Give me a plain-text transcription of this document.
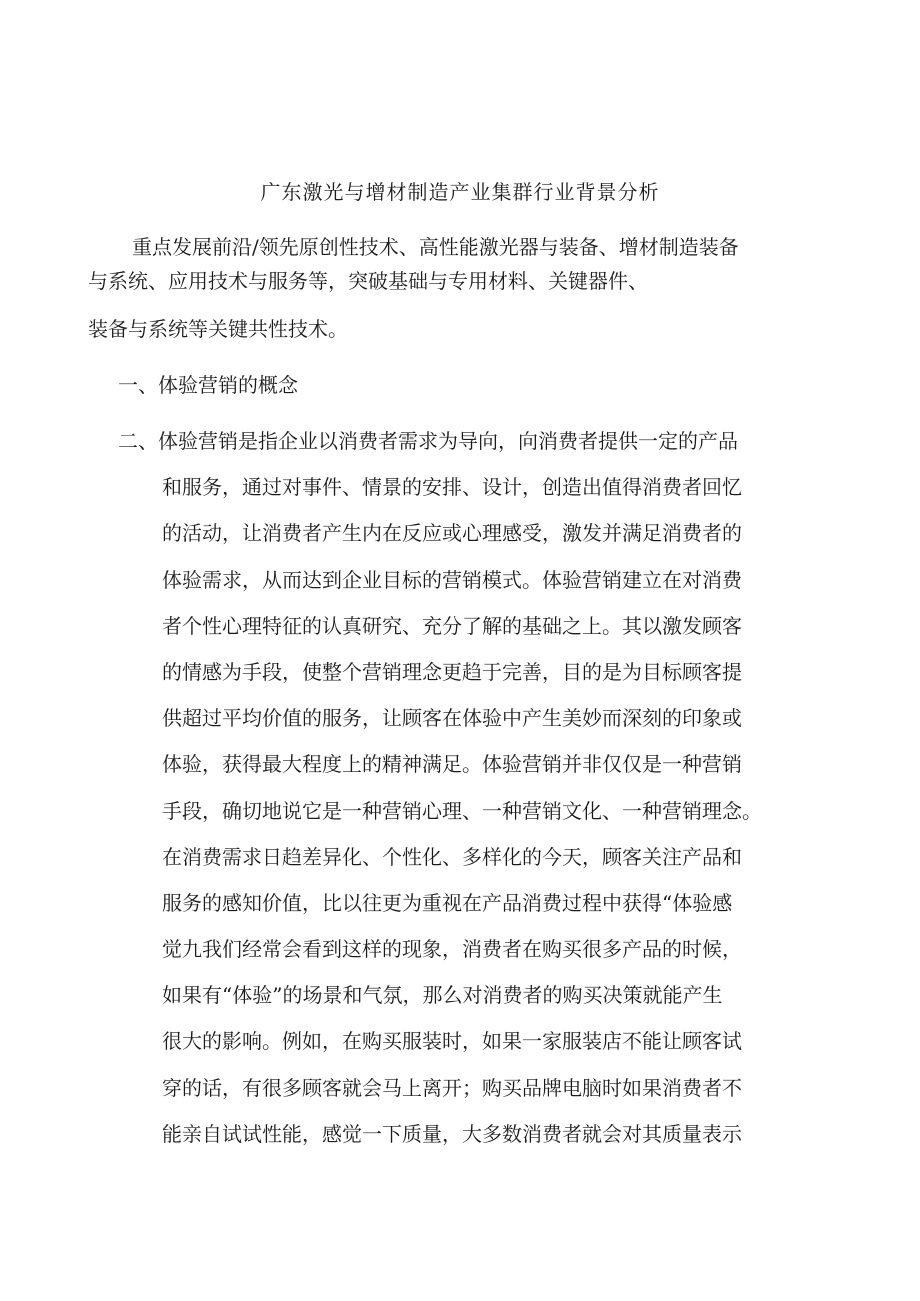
广东激光与增材制造产业集群行业背景分析
重点发展前沿/领先原创性技术、高性能激光器与装备、增材制造装备
与系统、应用技术与服务等，突破基础与专用材料、关键器件、
装备与系统等关键共性技术。
一、体验营销的概念
二、体验营销是指企业以消费者需求为导向，向消费者提供一定的产品
和服务，通过对事件、情景的安排、设计，创造出值得消费者回忆
的活动，让消费者产生内在反应或心理感受，激发并满足消费者的
体验需求，从而达到企业目标的营销模式。体验营销建立在对消费
者个性心理特征的认真研究、充分了解的基础之上。其以激发顾客
的情感为手段，使整个营销理念更趋于完善，目的是为目标顾客提
供超过平均价值的服务，让顾客在体验中产生美妙而深刻的印象或
体验，获得最大程度上的精神满足。体验营销并非仅仅是一种营销
手段，确切地说它是一种营销心理、一种营销文化、一种营销理念。
在消费需求日趋差异化、个性化、多样化的今天，顾客关注产品和
服务的感知价值，比以往更为重视在产品消费过程中获得“体验感
觉九我们经常会看到这样的现象，消费者在购买很多产品的时候，
如果有“体验”的场景和气氛，那么对消费者的购买决策就能产生
很大的影响。例如，在购买服装时，如果一家服装店不能让顾客试
穿的话，有很多顾客就会马上离开；购买品牌电脑时如果消费者不
能亲自试试性能，感觉一下质量，大多数消费者就会对其质量表示
